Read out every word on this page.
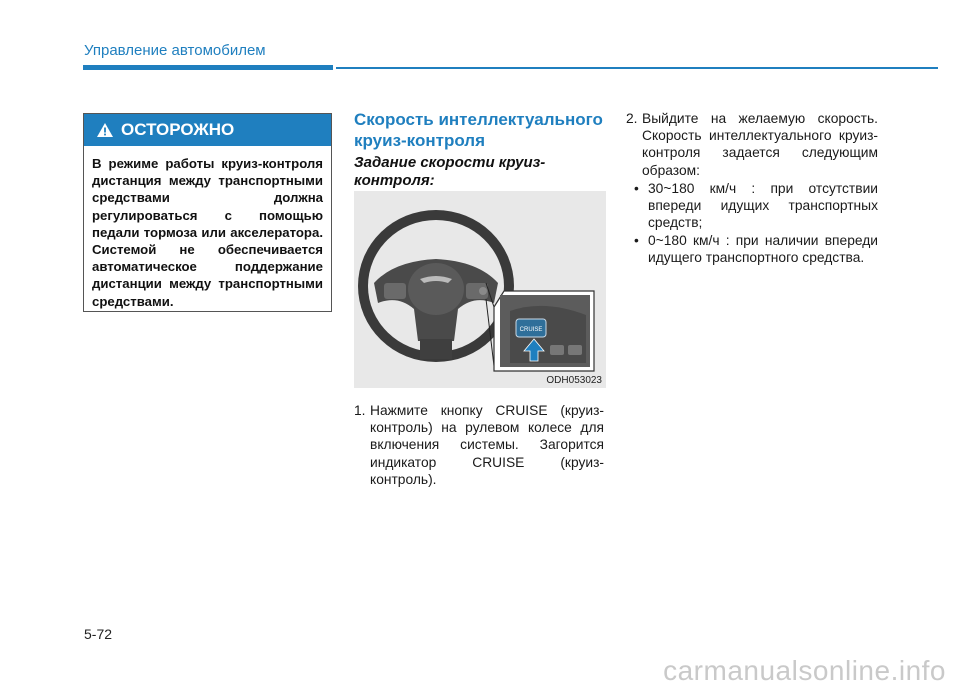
Управление автомобилем
ОСТОРОЖНО
В режиме работы круиз-контроля дистанция между транспортными средствами должна регулироваться с помощью педали тормоза или акселератора. Системой не обеспечивается автоматическое поддержание дистанции между транспортными средствами.
Скорость интеллектуального круиз-контроля
Задание скорости круиз-контроля:
CRUISE
ODH053023
1. Нажмите кнопку CRUISE (круиз-контроль) на рулевом колесе для включения системы. Загорится индикатор CRUISE (круиз-контроль).
2. Выйдите на желаемую скорость. Скорость интеллектуального круиз-контроля задается следующим образом:
• 30~180 км/ч : при отсутствии впереди идущих транспортных средств;
• 0~180 км/ч : при наличии впереди идущего транспортного средства.
5-72
carmanualsonline.info
